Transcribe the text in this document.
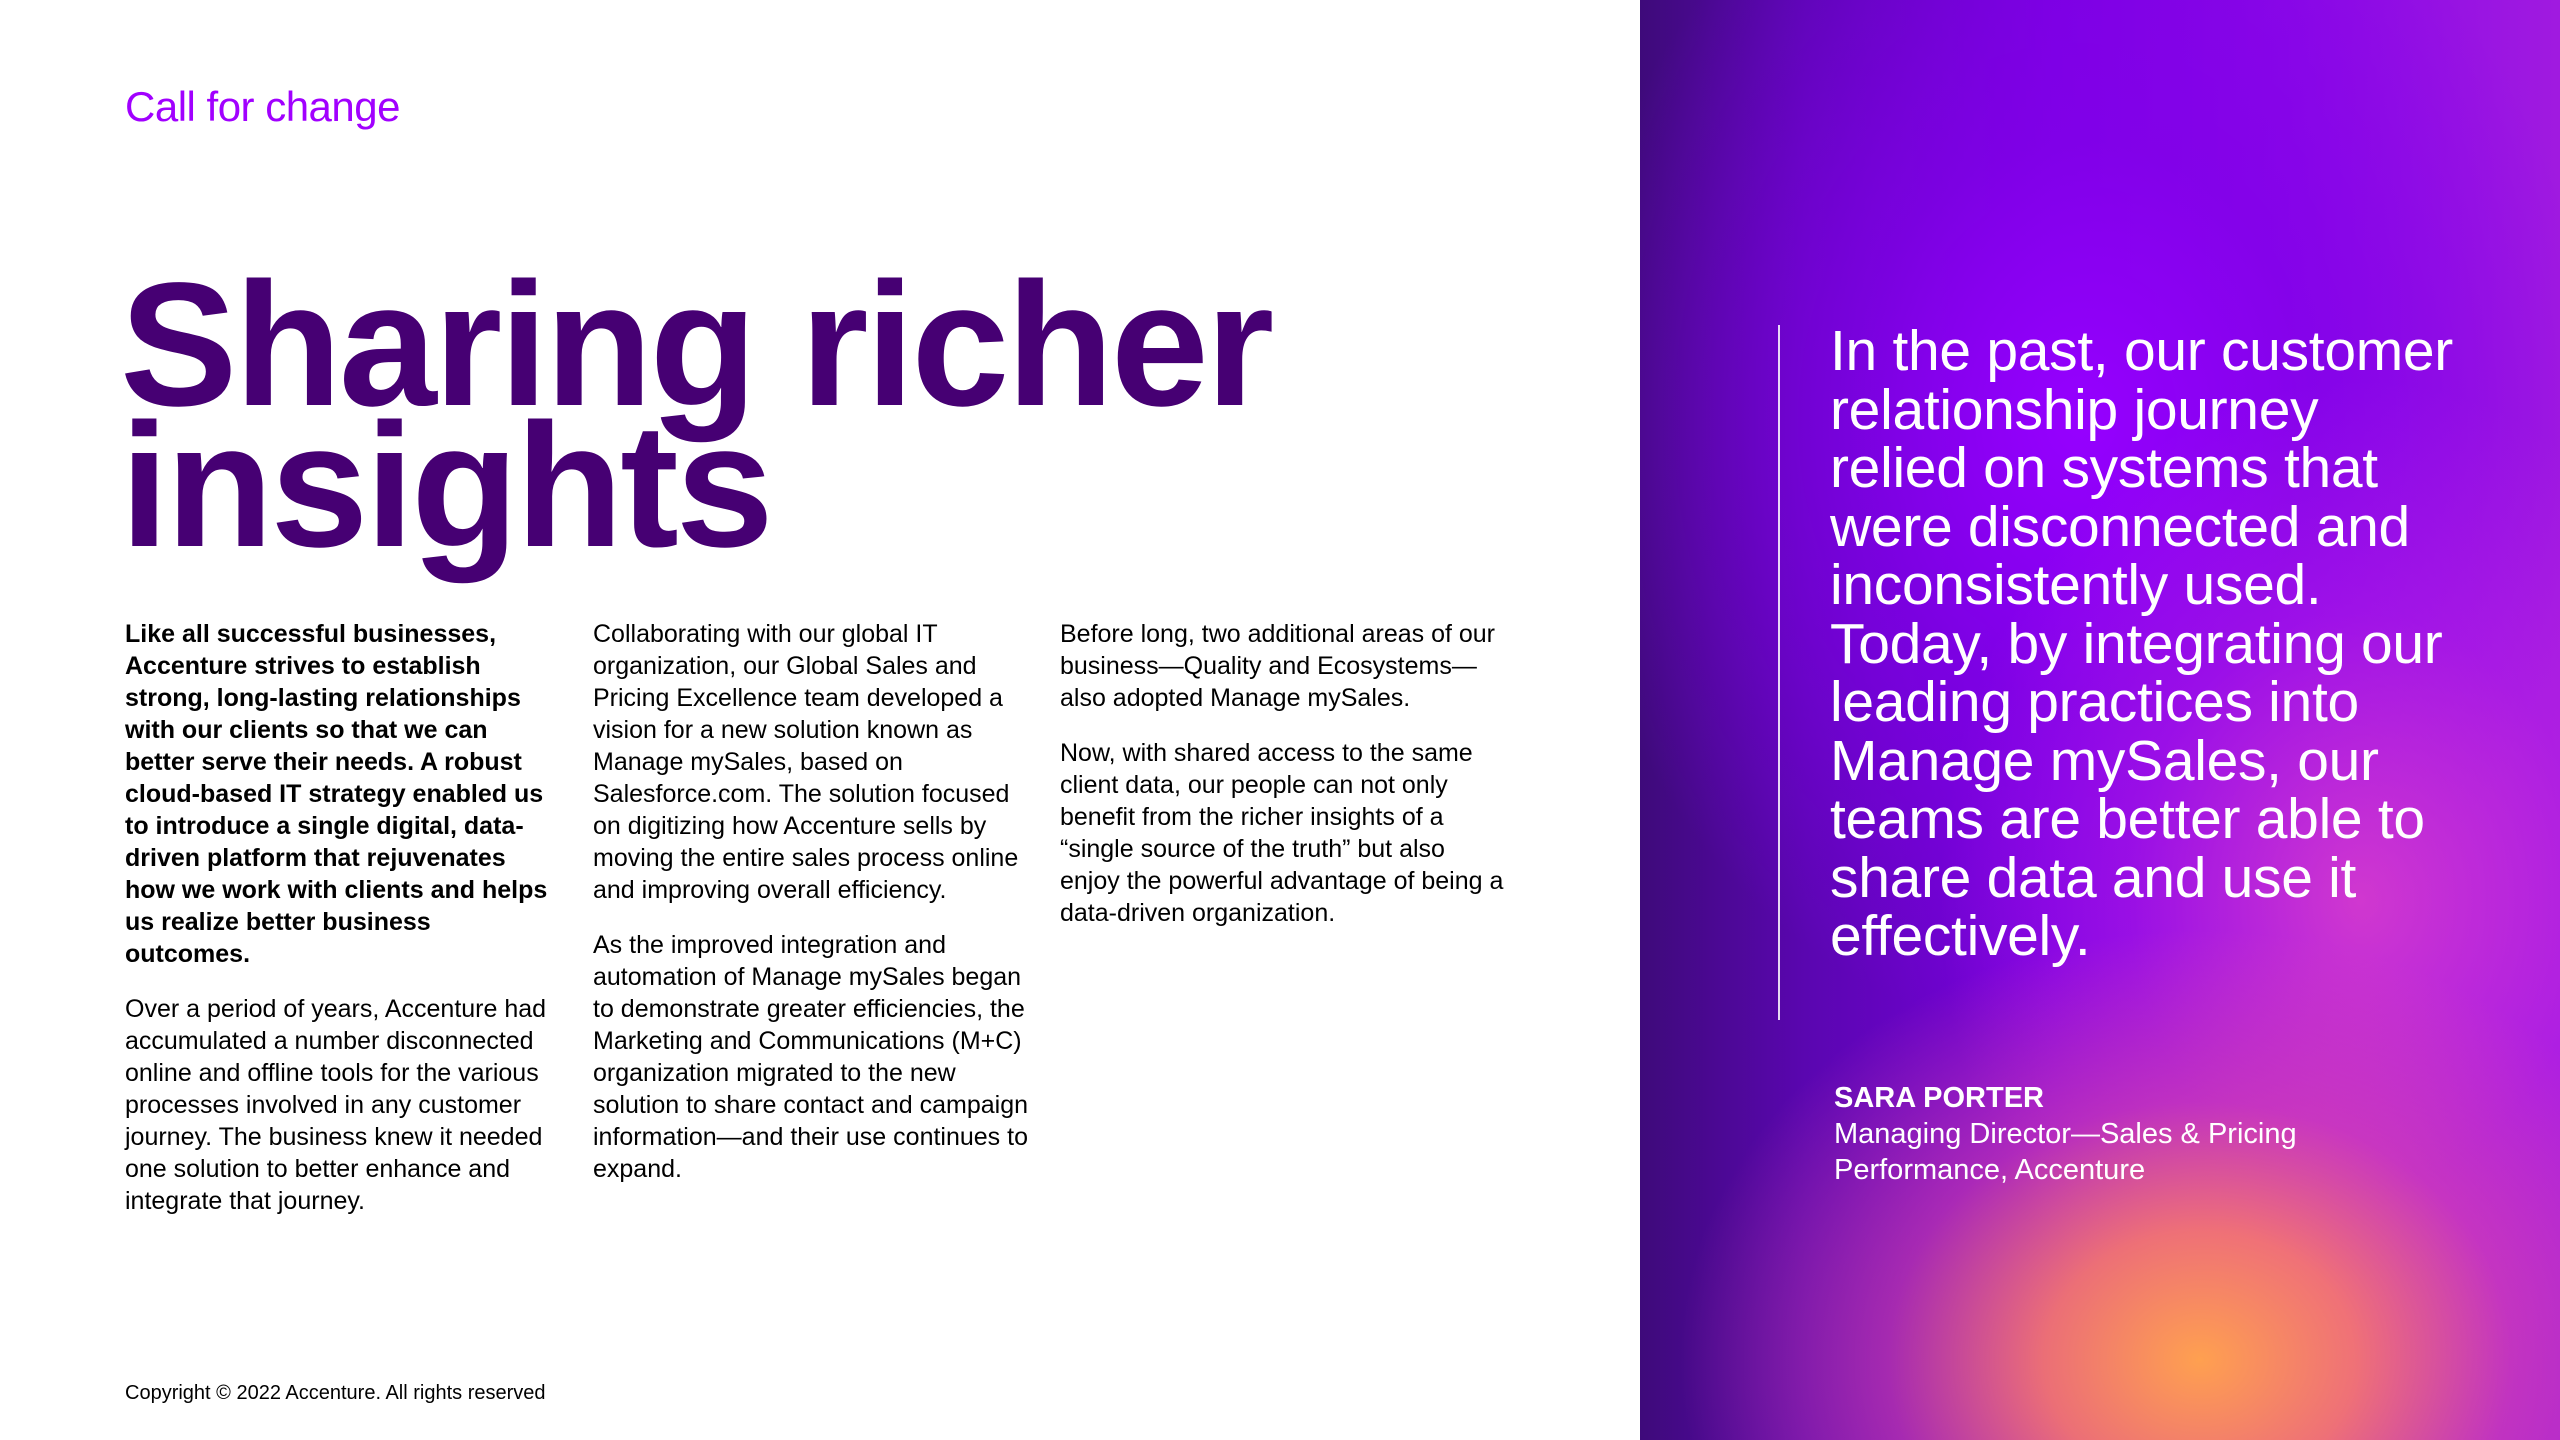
Call for change
Sharing richer
insights

Like all successful businesses, Accenture strives to establish strong, long-lasting relationships with our clients so that we can better serve their needs. A robust cloud-based IT strategy enabled us to introduce a single digital, data-driven platform that rejuvenates how we work with clients and helps us realize better business outcomes.

Over a period of years, Accenture had accumulated a number disconnected online and offline tools for the various processes involved in any customer journey. The business knew it needed one solution to better enhance and integrate that journey.

Collaborating with our global IT organization, our Global Sales and Pricing Excellence team developed a vision for a new solution known as Manage mySales, based on Salesforce.com. The solution focused on digitizing how Accenture sells by moving the entire sales process online and improving overall efficiency.

As the improved integration and automation of Manage mySales began to demonstrate greater efficiencies, the Marketing and Communications (M+C) organization migrated to the new solution to share contact and campaign information—and their use continues to expand.

Before long, two additional areas of our business—Quality and Ecosystems—also adopted Manage mySales.

Now, with shared access to the same client data, our people can not only benefit from the richer insights of a “single source of the truth” but also enjoy the powerful advantage of being a data-driven organization.

Copyright © 2022 Accenture. All rights reserved

In the past, our customer relationship journey relied on systems that were disconnected and inconsistently used. Today, by integrating our leading practices into Manage mySales, our teams are better able to share data and use it effectively.

SARA PORTER
Managing Director—Sales & Pricing Performance, Accenture
